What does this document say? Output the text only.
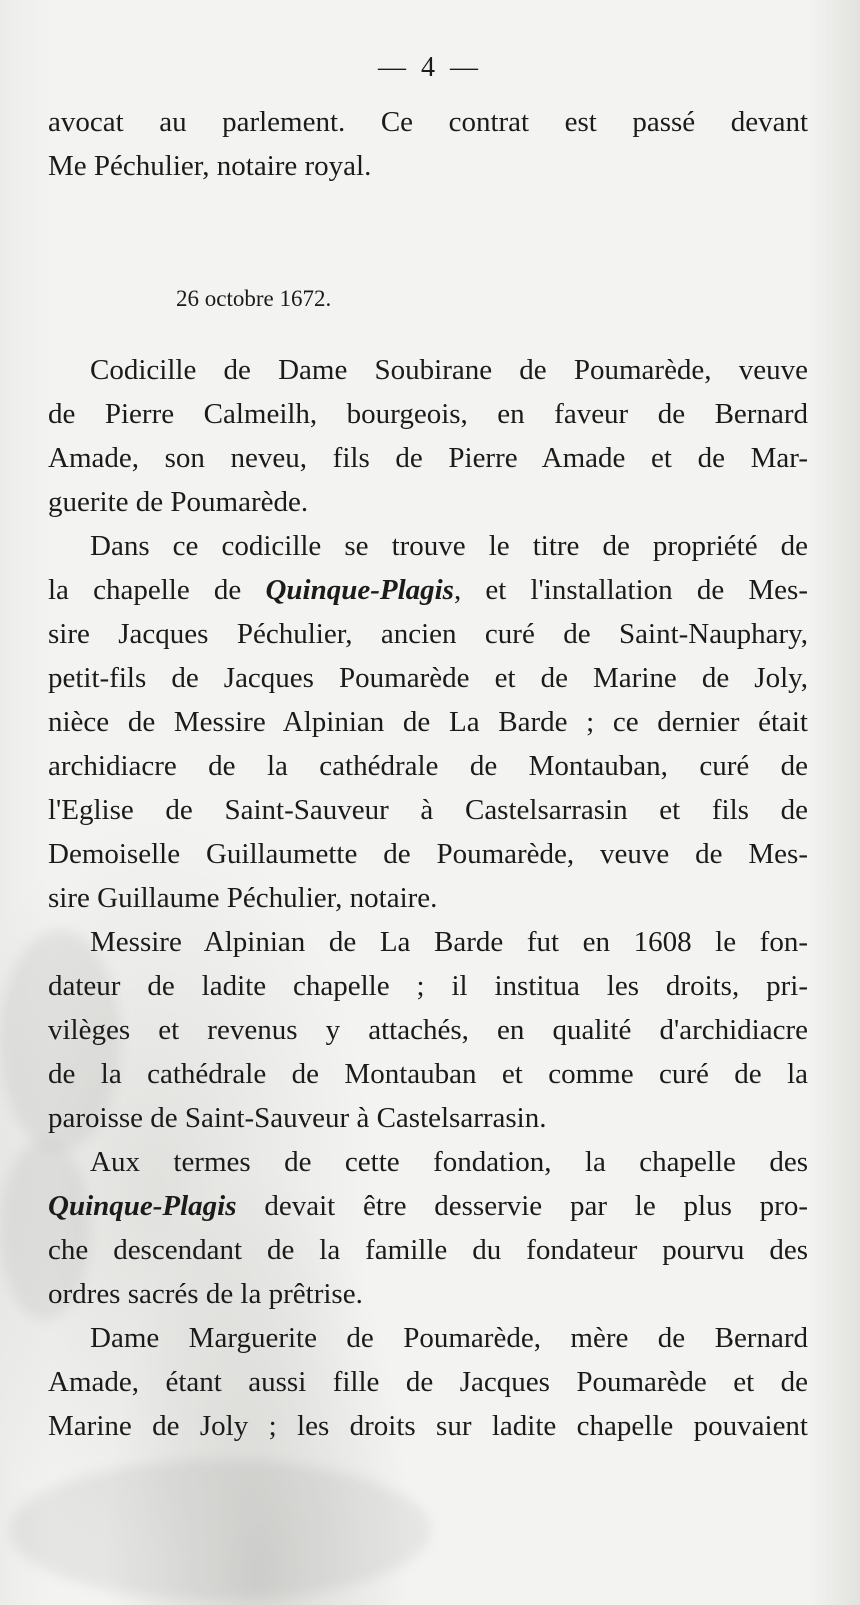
— 4 —
avocat au parlement. Ce contrat est passé devant
Me Péchulier, notaire royal.
26 octobre 1672.
Codicille de Dame Soubirane de Poumarède, veuve
de Pierre Calmeilh, bourgeois, en faveur de Bernard
Amade, son neveu, fils de Pierre Amade et de Mar-
guerite de Poumarède.
Dans ce codicille se trouve le titre de propriété de
la chapelle de Quinque-Plagis, et l'installation de Mes-
sire Jacques Péchulier, ancien curé de Saint-Nauphary,
petit-fils de Jacques Poumarède et de Marine de Joly,
nièce de Messire Alpinian de La Barde ; ce dernier était
archidiacre de la cathédrale de Montauban, curé de
l'Eglise de Saint-Sauveur à Castelsarrasin et fils de
Demoiselle Guillaumette de Poumarède, veuve de Mes-
sire Guillaume Péchulier, notaire.
Messire Alpinian de La Barde fut en 1608 le fon-
dateur de ladite chapelle ; il institua les droits, pri-
vilèges et revenus y attachés, en qualité d'archidiacre
de la cathédrale de Montauban et comme curé de la
paroisse de Saint-Sauveur à Castelsarrasin.
Aux termes de cette fondation, la chapelle des
Quinque-Plagis devait être desservie par le plus pro-
che descendant de la famille du fondateur pourvu des
ordres sacrés de la prêtrise.
Dame Marguerite de Poumarède, mère de Bernard
Amade, étant aussi fille de Jacques Poumarède et de
Marine de Joly ; les droits sur ladite chapelle pouvaient
